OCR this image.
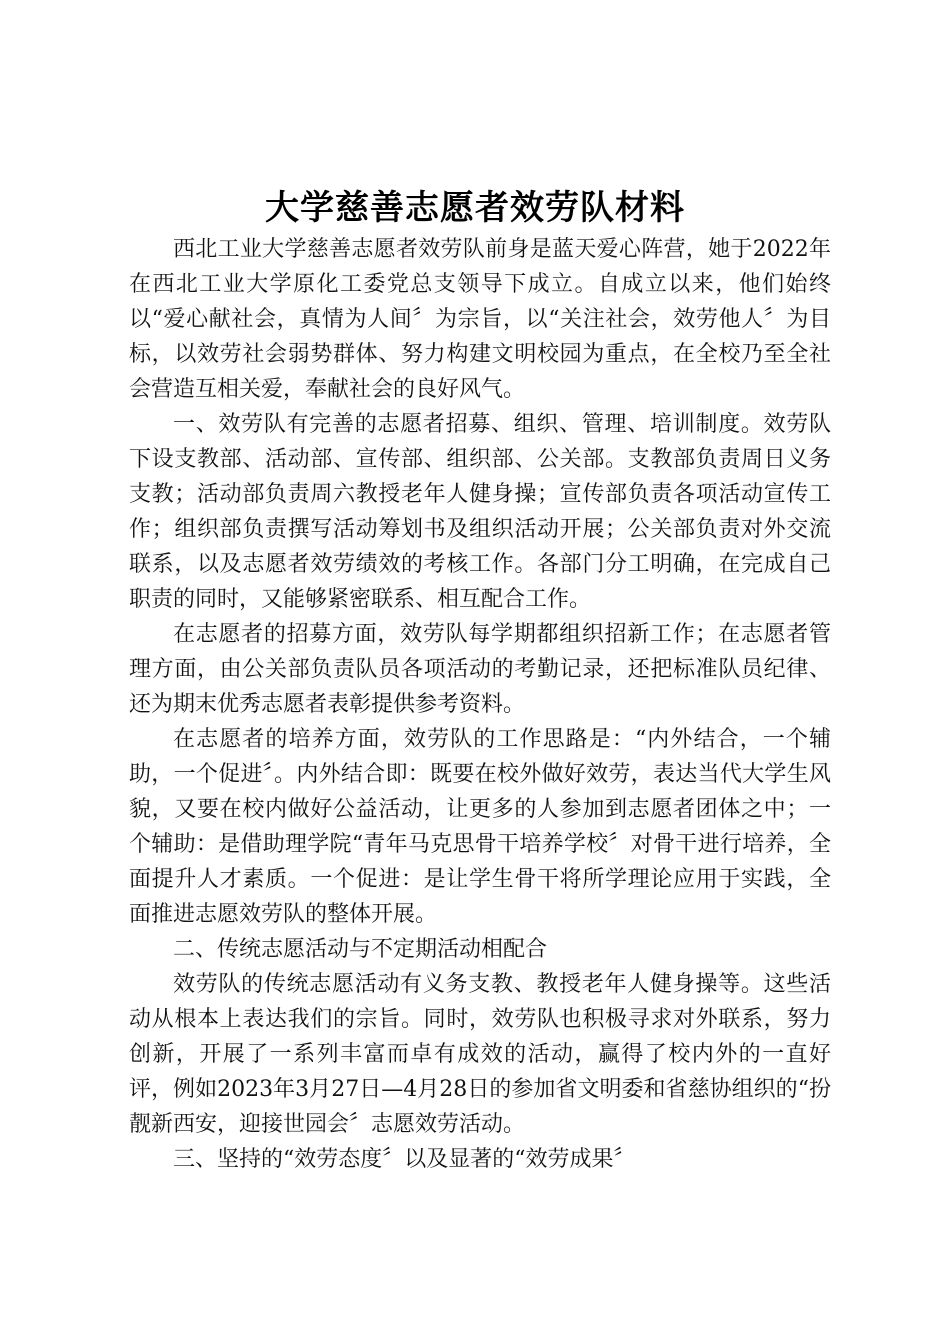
大学慈善志愿者效劳队材料

西北工业大学慈善志愿者效劳队前身是蓝天爱心阵营，她于2022年在西北工业大学原化工委党总支领导下成立。自成立以来，他们始终以“爱心献社会，真情为人间〞为宗旨，以“关注社会，效劳他人〞为目标，以效劳社会弱势群体、努力构建文明校园为重点，在全校乃至全社会营造互相关爱，奉献社会的良好风气。

一、效劳队有完善的志愿者招募、组织、管理、培训制度。效劳队下设支教部、活动部、宣传部、组织部、公关部。支教部负责周日义务支教；活动部负责周六教授老年人健身操；宣传部负责各项活动宣传工作；组织部负责撰写活动筹划书及组织活动开展；公关部负责对外交流联系，以及志愿者效劳绩效的考核工作。各部门分工明确，在完成自己职责的同时，又能够紧密联系、相互配合工作。

在志愿者的招募方面，效劳队每学期都组织招新工作；在志愿者管理方面，由公关部负责队员各项活动的考勤记录，还把标准队员纪律、还为期末优秀志愿者表彰提供参考资料。

在志愿者的培养方面，效劳队的工作思路是：“内外结合，一个辅助，一个促进〞。内外结合即：既要在校外做好效劳，表达当代大学生风貌，又要在校内做好公益活动，让更多的人参加到志愿者团体之中；一个辅助：是借助理学院“青年马克思骨干培养学校〞对骨干进行培养，全面提升人才素质。一个促进：是让学生骨干将所学理论应用于实践，全面推进志愿效劳队的整体开展。

二、传统志愿活动与不定期活动相配合

效劳队的传统志愿活动有义务支教、教授老年人健身操等。这些活动从根本上表达我们的宗旨。同时，效劳队也积极寻求对外联系，努力创新，开展了一系列丰富而卓有成效的活动，赢得了校内外的一直好评，例如2023年3月27日—4月28日的参加省文明委和省慈协组织的“扮靓新西安，迎接世园会〞志愿效劳活动。

三、坚持的“效劳态度〞以及显著的“效劳成果〞
